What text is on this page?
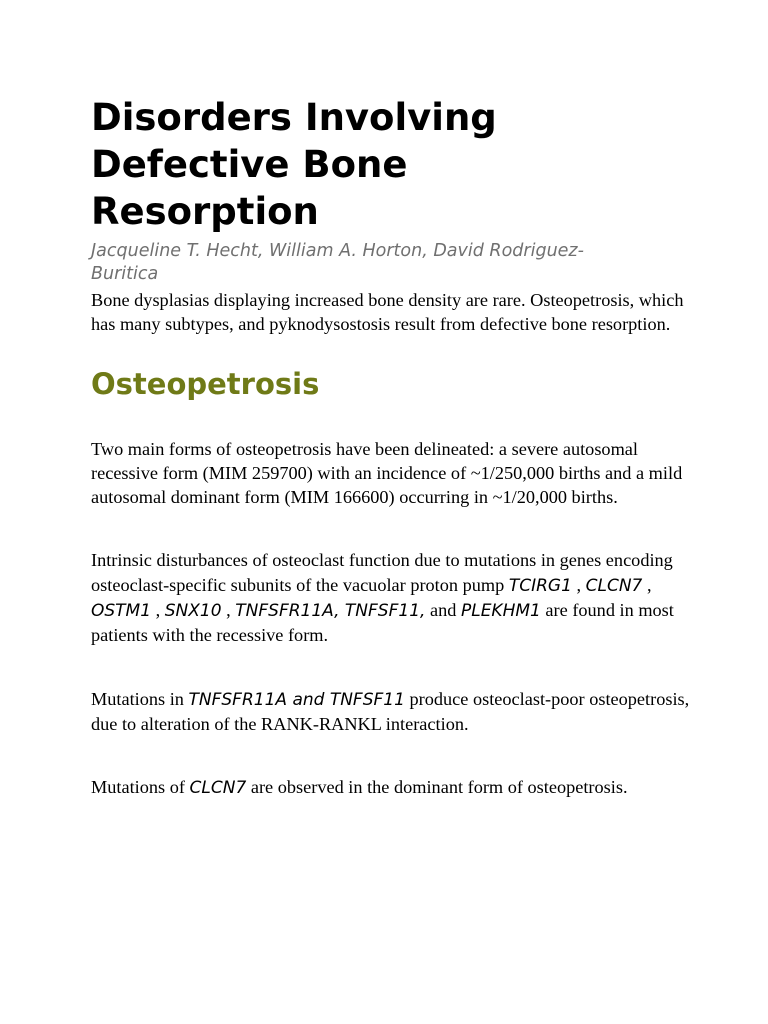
Disorders Involving Defective Bone Resorption
Jacqueline T. Hecht, William A. Horton, David Rodriguez-Buritica

Bone dysplasias displaying increased bone density are rare. Osteopetrosis, which
has many subtypes, and pyknodysostosis result from defective bone resorption.

Osteopetrosis

Two main forms of osteopetrosis have been delineated: a severe autosomal recessive form (MIM 259700) with an incidence of ~1/250,000 births and a mild autosomal dominant form (MIM 166600) occurring in ~1/20,000 births.

Intrinsic disturbances of osteoclast function due to mutations in genes encoding osteoclast-specific subunits of the vacuolar proton pump TCIRG1 , CLCN7 , OSTM1 , SNX10 , TNFSFR11A, TNFSF11, and PLEKHM1 are found in most patients with the recessive form.

Mutations in TNFSFR11A and TNFSF11 produce osteoclast-poor osteopetrosis, due to alteration of the RANK-RANKL interaction.

Mutations of CLCN7 are observed in the dominant form of osteopetrosis.
